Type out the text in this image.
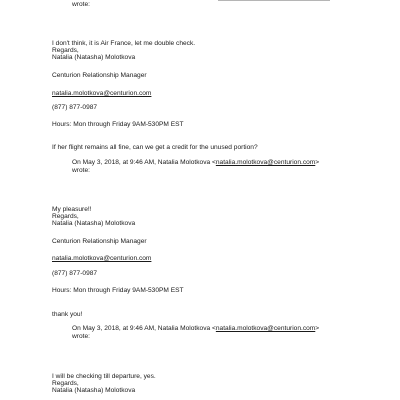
wrote:
I don't think, it is Air France, let me double check.
Regards,
Natalia (Natasha) Molotkova
Centurion Relationship Manager
natalia.molotkova@centurion.com
(877) 877-0987
Hours: Mon through Friday 9AM-530PM EST
If her flight remains all fine, can we get a credit for the unused portion?
On May 3, 2018, at 9:46 AM, Natalia Molotkova <natalia.molotkova@centurion.com>
wrote:
My pleasure!!
Regards,
Natalia (Natasha) Molotkova
Centurion Relationship Manager
natalia.molotkova@centurion.com
(877) 877-0987
Hours: Mon through Friday 9AM-530PM EST
thank you!
On May 3, 2018, at 9:46 AM, Natalia Molotkova <natalia.molotkova@centurion.com>
wrote:
I will be checking till departure, yes.
Regards,
Natalia (Natasha) Molotkova
